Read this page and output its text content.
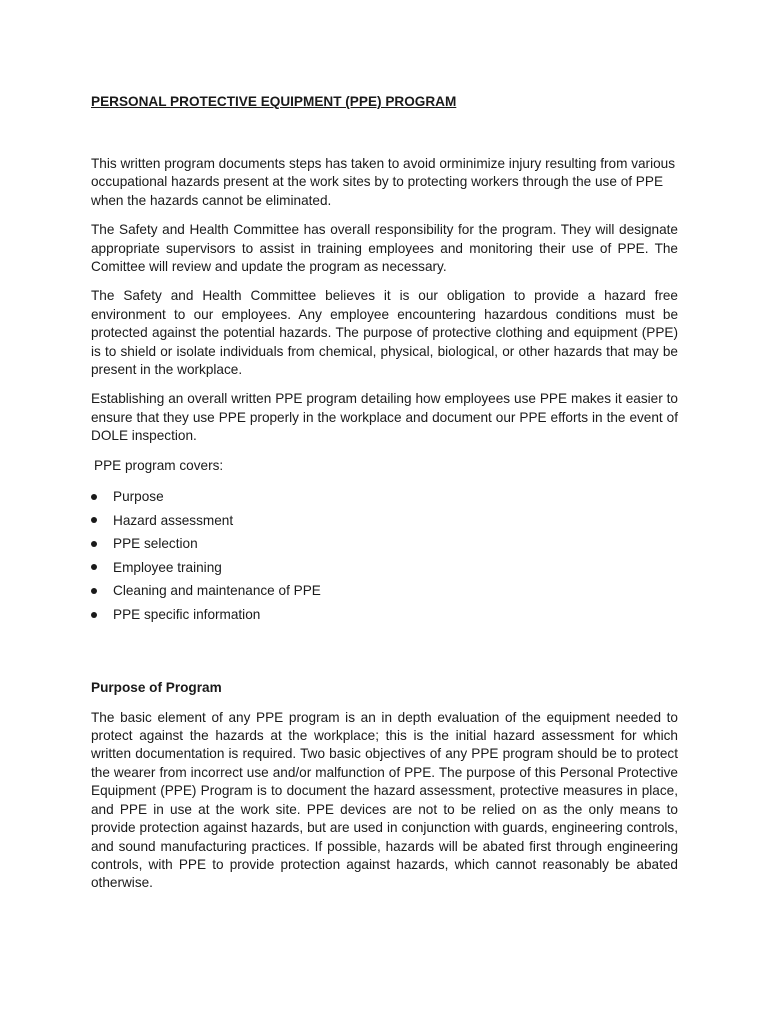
PERSONAL PROTECTIVE EQUIPMENT (PPE) PROGRAM

This written program documents steps has taken to avoid orminimize injury resulting from various occupational hazards present at the work sites by to protecting workers through the use of PPE when the hazards cannot be eliminated.

The Safety and Health Committee has overall responsibility for the program. They will designate appropriate supervisors to assist in training employees and monitoring their use of PPE. The Comittee will review and update the program as necessary.

The Safety and Health Committee believes it is our obligation to provide a hazard free environment to our employees. Any employee encountering hazardous conditions must be protected against the potential hazards. The purpose of protective clothing and equipment (PPE) is to shield or isolate individuals from chemical, physical, biological, or other hazards that may be present in the workplace.

Establishing an overall written PPE program detailing how employees use PPE makes it easier to ensure that they use PPE properly in the workplace and document our PPE efforts in the event of DOLE inspection.

PPE program covers:
Purpose
Hazard assessment
PPE selection
Employee training
Cleaning and maintenance of PPE
PPE specific information
Purpose of Program

The basic element of any PPE program is an in depth evaluation of the equipment needed to protect against the hazards at the workplace; this is the initial hazard assessment for which written documentation is required. Two basic objectives of any PPE program should be to protect the wearer from incorrect use and/or malfunction of PPE. The purpose of this Personal Protective Equipment (PPE) Program is to document the hazard assessment, protective measures in place, and PPE in use at the work site. PPE devices are not to be relied on as the only means to provide protection against hazards, but are used in conjunction with guards, engineering controls, and sound manufacturing practices. If possible, hazards will be abated first through engineering controls, with PPE to provide protection against hazards, which cannot reasonably be abated otherwise.
